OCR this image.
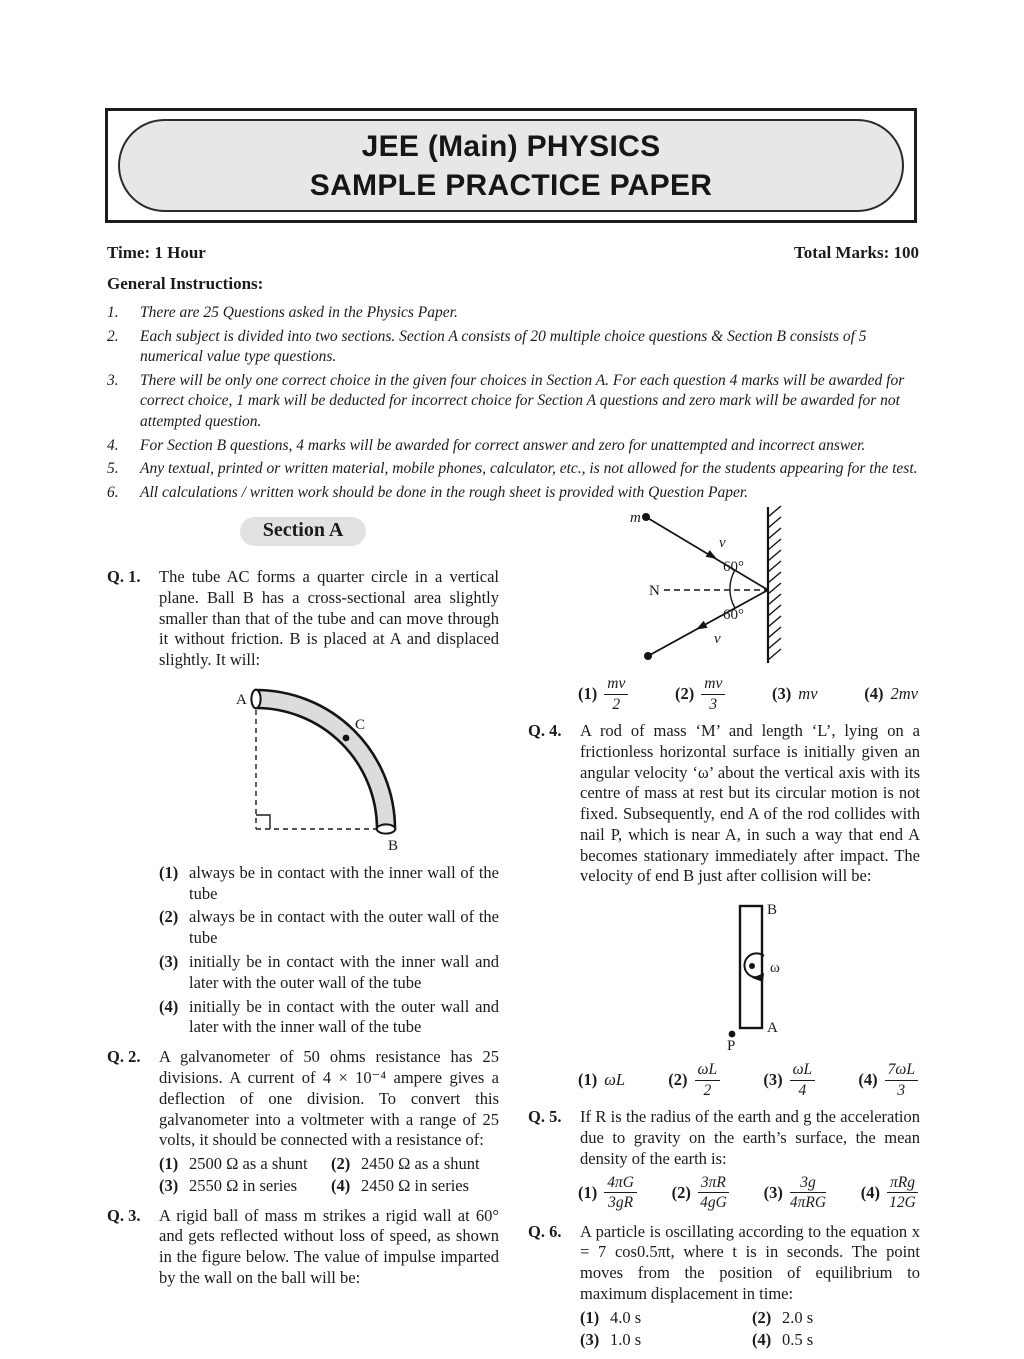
JEE (Main) PHYSICS
SAMPLE PRACTICE PAPER
Time: 1 Hour	Total Marks: 100
General Instructions:
1.	There are 25 Questions asked in the Physics Paper.
2.	Each subject is divided into two sections. Section A consists of 20 multiple choice questions & Section B consists of 5 numerical value type questions.
3.	There will be only one correct choice in the given four choices in Section A. For each question 4 marks will be awarded for correct choice, 1 mark will be deducted for incorrect choice for Section A questions and zero mark will be awarded for not attempted question.
4.	For Section B questions, 4 marks will be awarded for correct answer and zero for unattempted and incorrect answer.
5.	Any textual, printed or written material, mobile phones, calculator, etc., is not allowed for the students appearing for the test.
6.	All calculations / written work should be done in the rough sheet is provided with Question Paper.
Section A
Q. 1.	The tube AC forms a quarter circle in a vertical plane. Ball B has a cross-sectional area slightly smaller than that of the tube and can move through it without friction. B is placed at A and displaced slightly. It will:
A
C
B
(1) always be in contact with the inner wall of the tube
(2) always be in contact with the outer wall of the tube
(3) initially be in contact with the inner wall and later with the outer wall of the tube
(4) initially be in contact with the outer wall and later with the inner wall of the tube
Q. 2.	A galvanometer of 50 ohms resistance has 25 divisions. A current of 4 × 10⁻⁴ ampere gives a deflection of one division. To convert this galvanometer into a voltmeter with a range of 25 volts, it should be connected with a resistance of:
(1) 2500 Ω as a shunt (2) 2450 Ω as a shunt
(3) 2550 Ω in series (4) 2450 Ω in series
Q. 3.	A rigid ball of mass m strikes a rigid wall at 60° and gets reflected without loss of speed, as shown in the figure below. The value of impulse imparted by the wall on the ball will be:
m
v
N
60°
60°
v
$(1) \frac{mv}{2}$	$(2) \frac{mv}{3}$	(3) mv	(4) 2mv
Q. 4.	A rod of mass ‘M’ and length ‘L’, lying on a frictionless horizontal surface is initially given an angular velocity ‘ω’ about the vertical axis with its centre of mass at rest but its circular motion is not fixed. Subsequently, end A of the rod collides with nail P, which is near A, in such a way that end A becomes stationary immediately after impact. The velocity of end B just after collision will be:
B
ω
A
P
(1) ωL	$(2) \frac{\omega L}{2}$	$(3) \frac{\omega L}{4}$	$(4) \frac{7\omega L}{3}$
Q. 5.	If R is the radius of the earth and g the acceleration due to gravity on the earth’s surface, the mean density of the earth is:
$(1) \frac{4\pi G}{3gR} (2) \frac{3\pi R}{4gG} (3) \frac{3g}{\text{4πRG}} (4) \frac{\text{πRg}}{12G}$
Q. 6.	A particle is oscillating according to the equation x = 7 cos0.5πt, where t is in seconds. The point moves from the position of equilibrium to maximum displacement in time:
(1) 4.0 s	(2) 2.0 s
(3) 1.0 s	(4) 0.5 s
